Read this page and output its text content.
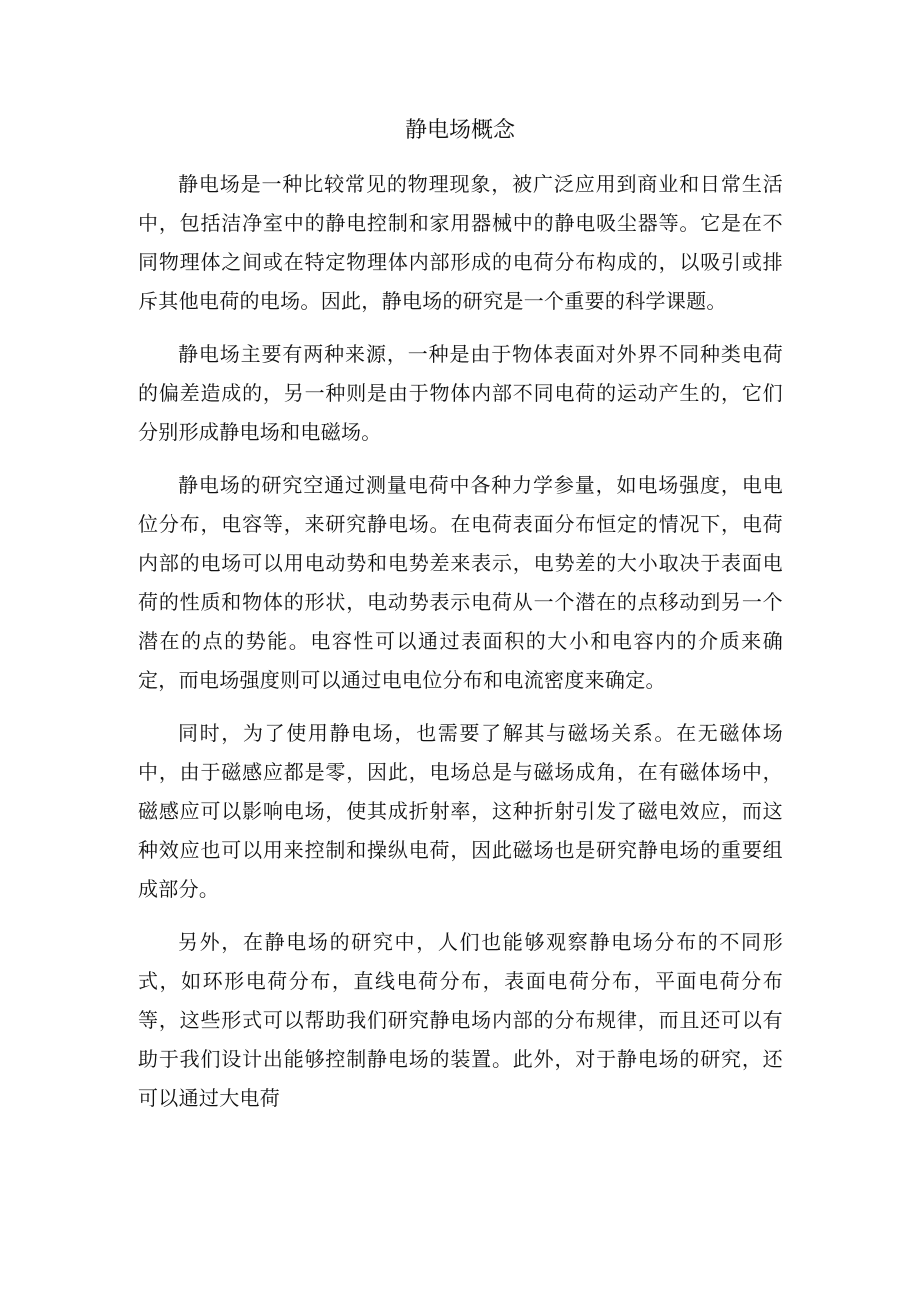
静电场概念

静电场是一种比较常见的物理现象，被广泛应用到商业和日常生活中，包括洁净室中的静电控制和家用器械中的静电吸尘器等。它是在不同物理体之间或在特定物理体内部形成的电荷分布构成的，以吸引或排斥其他电荷的电场。因此，静电场的研究是一个重要的科学课题。

静电场主要有两种来源，一种是由于物体表面对外界不同种类电荷的偏差造成的，另一种则是由于物体内部不同电荷的运动产生的，它们分别形成静电场和电磁场。

静电场的研究空通过测量电荷中各种力学参量，如电场强度，电电位分布，电容等，来研究静电场。在电荷表面分布恒定的情况下，电荷内部的电场可以用电动势和电势差来表示，电势差的大小取决于表面电荷的性质和物体的形状，电动势表示电荷从一个潜在的点移动到另一个潜在的点的势能。电容性可以通过表面积的大小和电容内的介质来确定，而电场强度则可以通过电电位分布和电流密度来确定。

同时，为了使用静电场，也需要了解其与磁场关系。在无磁体场中，由于磁感应都是零，因此，电场总是与磁场成角，在有磁体场中，磁感应可以影响电场，使其成折射率，这种折射引发了磁电效应，而这种效应也可以用来控制和操纵电荷，因此磁场也是研究静电场的重要组成部分。

另外，在静电场的研究中，人们也能够观察静电场分布的不同形式，如环形电荷分布，直线电荷分布，表面电荷分布，平面电荷分布等，这些形式可以帮助我们研究静电场内部的分布规律，而且还可以有助于我们设计出能够控制静电场的装置。此外，对于静电场的研究，还可以通过大电荷
